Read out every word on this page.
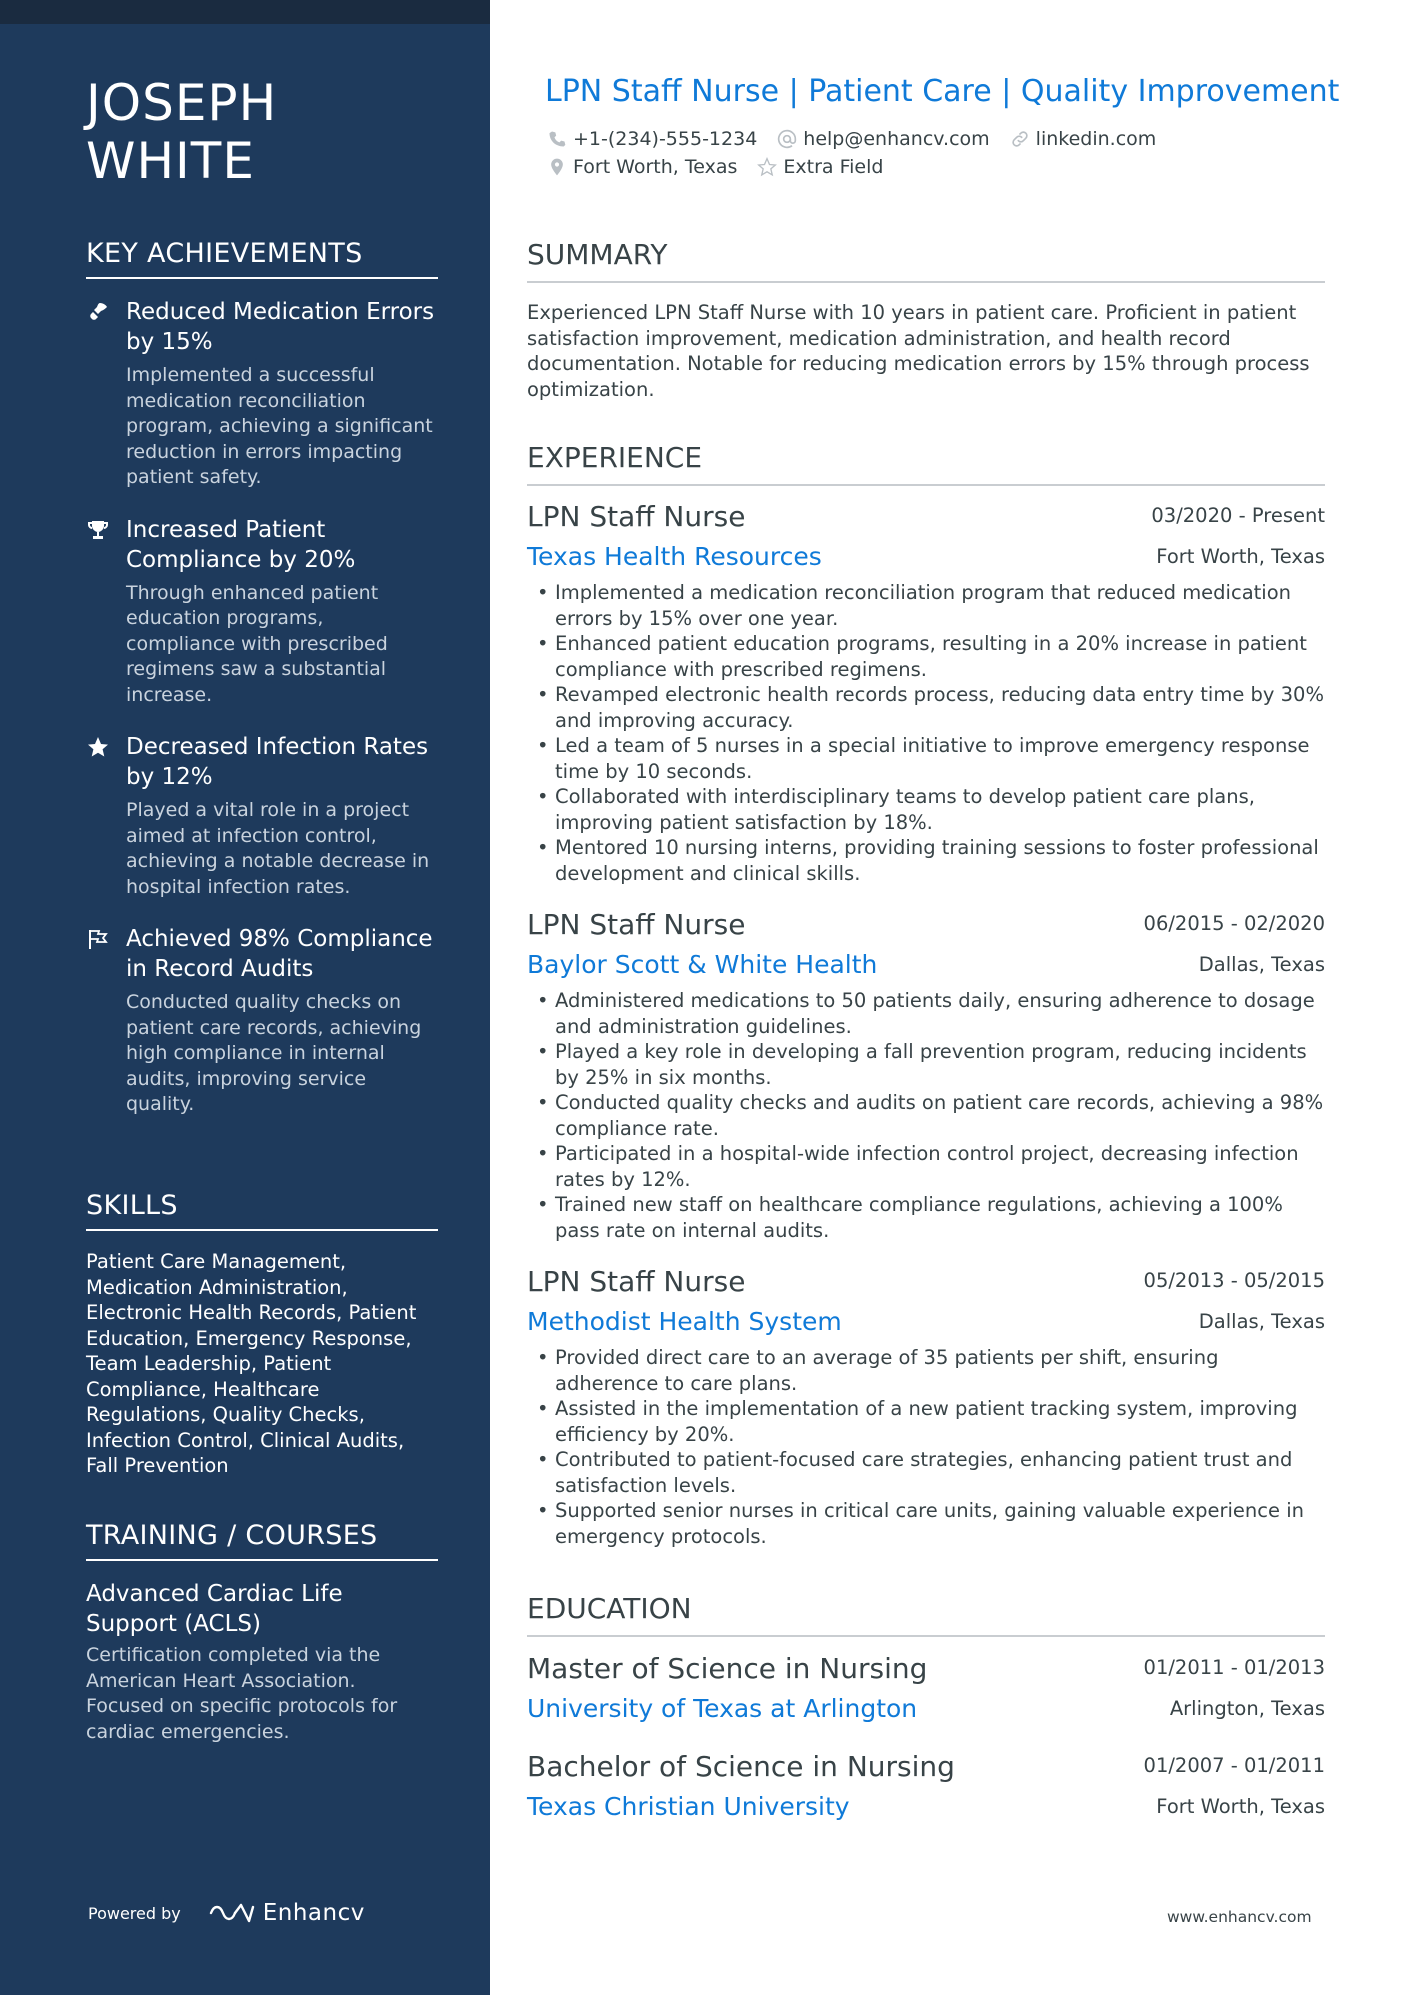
JOSEPH
WHITE
KEY ACHIEVEMENTS
Reduced Medication Errors by 15%
Implemented a successful medication reconciliation program, achieving a significant reduction in errors impacting patient safety.
Increased Patient Compliance by 20%
Through enhanced patient education programs, compliance with prescribed regimens saw a substantial increase.
Decreased Infection Rates by 12%
Played a vital role in a project aimed at infection control, achieving a notable decrease in hospital infection rates.
Achieved 98% Compliance in Record Audits
Conducted quality checks on patient care records, achieving high compliance in internal audits, improving service quality.
SKILLS
Patient Care Management, Medication Administration, Electronic Health Records, Patient Education, Emergency Response, Team Leadership, Patient Compliance, Healthcare Regulations, Quality Checks, Infection Control, Clinical Audits, Fall Prevention
TRAINING / COURSES
Advanced Cardiac Life Support (ACLS)
Certification completed via the American Heart Association. Focused on specific protocols for cardiac emergencies.
Powered by	Enhancv
LPN Staff Nurse | Patient Care | Quality Improvement
+1-(234)-555-1234 help@enhancv.com linkedin.com
Fort Worth, Texas Extra Field
SUMMARY
Experienced LPN Staff Nurse with 10 years in patient care. Proficient in patient satisfaction improvement, medication administration, and health record documentation. Notable for reducing medication errors by 15% through process optimization.
EXPERIENCE
LPN Staff Nurse	03/2020 - Present
Texas Health Resources	Fort Worth, Texas
• Implemented a medication reconciliation program that reduced medication errors by 15% over one year.
• Enhanced patient education programs, resulting in a 20% increase in patient compliance with prescribed regimens.
• Revamped electronic health records process, reducing data entry time by 30% and improving accuracy.
• Led a team of 5 nurses in a special initiative to improve emergency response time by 10 seconds.
• Collaborated with interdisciplinary teams to develop patient care plans, improving patient satisfaction by 18%.
• Mentored 10 nursing interns, providing training sessions to foster professional development and clinical skills.
LPN Staff Nurse	06/2015 - 02/2020
Baylor Scott & White Health	Dallas, Texas
• Administered medications to 50 patients daily, ensuring adherence to dosage and administration guidelines.
• Played a key role in developing a fall prevention program, reducing incidents by 25% in six months.
• Conducted quality checks and audits on patient care records, achieving a 98% compliance rate.
• Participated in a hospital-wide infection control project, decreasing infection rates by 12%.
• Trained new staff on healthcare compliance regulations, achieving a 100% pass rate on internal audits.
LPN Staff Nurse	05/2013 - 05/2015
Methodist Health System	Dallas, Texas
• Provided direct care to an average of 35 patients per shift, ensuring adherence to care plans.
• Assisted in the implementation of a new patient tracking system, improving efficiency by 20%.
• Contributed to patient-focused care strategies, enhancing patient trust and satisfaction levels.
• Supported senior nurses in critical care units, gaining valuable experience in emergency protocols.
EDUCATION
Master of Science in Nursing	01/2011 - 01/2013
University of Texas at Arlington	Arlington, Texas
Bachelor of Science in Nursing	01/2007 - 01/2011
Texas Christian University	Fort Worth, Texas
www.enhancv.com
